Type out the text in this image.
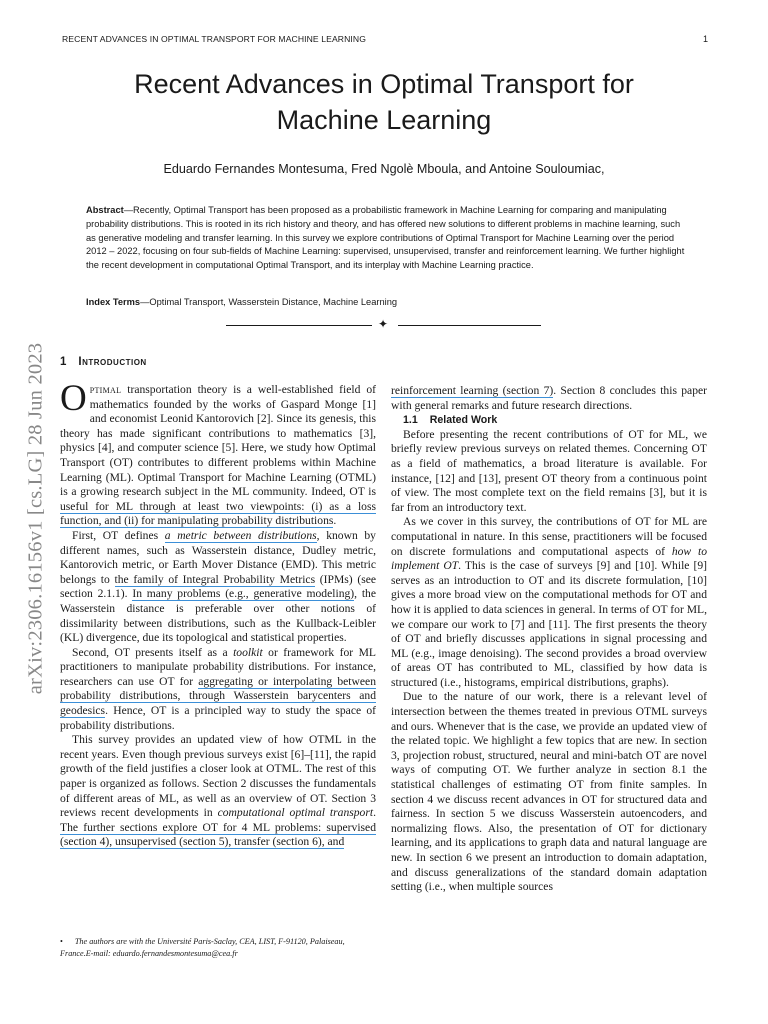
RECENT ADVANCES IN OPTIMAL TRANSPORT FOR MACHINE LEARNING	1
Recent Advances in Optimal Transport for
Machine Learning
Eduardo Fernandes Montesuma, Fred Ngolè Mboula, and Antoine Souloumiac,
Abstract—Recently, Optimal Transport has been proposed as a probabilistic framework in Machine Learning for comparing and manipulating probability distributions. This is rooted in its rich history and theory, and has offered new solutions to different problems in machine learning, such as generative modeling and transfer learning. In this survey we explore contributions of Optimal Transport for Machine Learning over the period 2012 – 2022, focusing on four sub-fields of Machine Learning: supervised, unsupervised, transfer and reinforcement learning. We further highlight the recent development in computational Optimal Transport, and its interplay with Machine Learning practice.
Index Terms—Optimal Transport, Wasserstein Distance, Machine Learning
✦
arXiv:2306.16156v1 [cs.LG] 28 Jun 2023 1 Introduction

Optimal transportation theory is a well-established field of mathematics founded by the works of Gaspard Monge [1] and economist Leonid Kantorovich [2]. Since its genesis, this theory has made significant contributions to mathematics [3], physics [4], and computer science [5]. Here, we study how Optimal Transport (OT) contributes to different problems within Machine Learning (ML). Optimal Transport for Machine Learning (OTML) is a growing research subject in the ML community. Indeed, OT is useful for ML through at least two viewpoints: (i) as a loss function, and (ii) for manipulating probability distributions.

First, OT defines a metric between distributions, known by different names, such as Wasserstein distance, Dudley metric, Kantorovich metric, or Earth Mover Distance (EMD). This metric belongs to the family of Integral Probability Metrics (IPMs) (see section 2.1.1). In many problems (e.g., generative modeling), the Wasserstein distance is preferable over other notions of dissimilarity between distributions, such as the Kullback-Leibler (KL) divergence, due its topological and statistical properties.

Second, OT presents itself as a toolkit or framework for ML practitioners to manipulate probability distributions. For instance, researchers can use OT for aggregating or interpolating between probability distributions, through Wasserstein barycenters and geodesics. Hence, OT is a principled way to study the space of probability distributions.

This survey provides an updated view of how OTML in the recent years. Even though previous surveys exist [6]–[11], the rapid growth of the field justifies a closer look at OTML. The rest of this paper is organized as follows. Section 2 discusses the fundamentals of different areas of ML, as well as an overview of OT. Section 3 reviews recent developments in computational optimal transport. The further sections explore OT for 4 ML problems: supervised (section 4), unsupervised (section 5), transfer (section 6), and

• The authors are with the Université Paris-Saclay, CEA, LIST, F-91120, Palaiseau, France.E-mail: eduardo.fernandesmontesuma@cea.fr

reinforcement learning (section 7). Section 8 concludes this paper with general remarks and future research directions.

1.1 Related Work

Before presenting the recent contributions of OT for ML, we briefly review previous surveys on related themes. Concerning OT as a field of mathematics, a broad literature is available. For instance, [12] and [13], present OT theory from a continuous point of view. The most complete text on the field remains [3], but it is far from an introductory text.

As we cover in this survey, the contributions of OT for ML are computational in nature. In this sense, practitioners will be focused on discrete formulations and computational aspects of how to implement OT. This is the case of surveys [9] and [10]. While [9] serves as an introduction to OT and its discrete formulation, [10] gives a more broad view on the computational methods for OT and how it is applied to data sciences in general. In terms of OT for ML, we compare our work to [7] and [11]. The first presents the theory of OT and briefly discusses applications in signal processing and ML (e.g., image denoising). The second provides a broad overview of areas OT has contributed to ML, classified by how data is structured (i.e., histograms, empirical distributions, graphs).

Due to the nature of our work, there is a relevant level of intersection between the themes treated in previous OTML surveys and ours. Whenever that is the case, we provide an updated view of the related topic. We highlight a few topics that are new. In section 3, projection robust, structured, neural and mini-batch OT are novel ways of computing OT. We further analyze in section 8.1 the statistical challenges of estimating OT from finite samples. In section 4 we discuss recent advances in OT for structured data and fairness. In section 5 we discuss Wasserstein autoencoders, and normalizing flows. Also, the presentation of OT for dictionary learning, and its applications to graph data and natural language are new. In section 6 we present an introduction to domain adaptation, and discuss generalizations of the standard domain adaptation setting (i.e., when multiple sources
